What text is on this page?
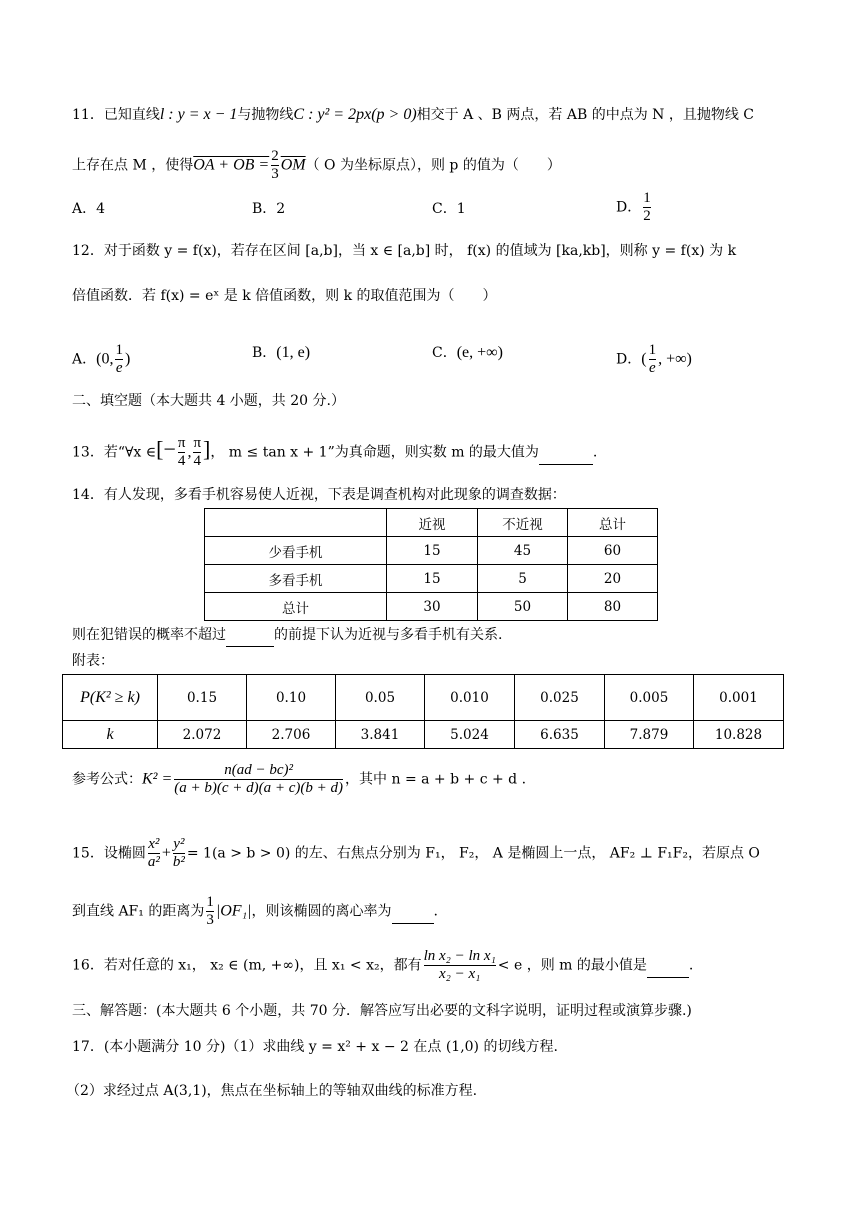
11．已知直线l : y = x − 1与抛物线C : y² = 2px(p > 0)相交于 A 、B 两点，若 AB 的中点为 N ，且抛物线 C
上存在点 M ，使得OA + OB = $\frac{2}{3} \overline{OM}$（ O 为坐标原点），则 p 的值为（　　）
A．4	B．2	C．1	D． $\frac{1}{2}$
12．对于函数 y = f(x)，若存在区间 [a,b]，当 x ∈ [a,b] 时， f(x) 的值域为 [ka,kb]，则称 y = f(x) 为 k
倍值函数．若 f(x) = eˣ 是 k 倍值函数，则 k 的取值范围为（　　）
A．(0, $\frac{1}{e}$ )	B．(1, e)	C．(e, +∞)	D．( $\frac{1}{e}$ , +∞)
二、填空题（本大题共 4 小题，共 20 分.）
13．若“∀x ∈[− $\frac{\pi}{4}$ , $\frac{\pi}{4}$ ]， m ≤ tan x + 1”为真命题，则实数 m 的最大值为	.
14．有人发现，多看手机容易使人近视，下表是调查机构对此现象的调查数据：
	近视	不近视	总计
少看手机	15	45	60
多看手机	15	5	20
总计	30	50	80
则在犯错误的概率不超过	的前提下认为近视与多看手机有关系.
附表：
P(K² ≥ k)	0.15	0.10	0.05	0.010	0.025	0.005	0.001
k	2.072	2.706	3.841	5.024	6.635	7.879	10.828
参考公式：$K^2 = \frac{\text{n(ad − bc)²}}{(a + b)(c + d)(a + c)(b + d)}$ ，其中 n = a + b + c + d .
15．设椭圆 $\frac{\text{x²}}{\text{a²}} + \frac{\text{y²}}{\text{b²}} = 1(a > b > 0)$ 的左、右焦点分别为 F₁， F₂， A 是椭圆上一点， AF₂ ⊥ F₁F₂，若原点 O
到直线 AF₁ 的距离为 $\frac{1}{3} |OF_1|$，则该椭圆的离心率为	.
16．若对任意的 x₁， x₂ ∈ (m, +∞)，且 x₁ < x₂，都有 $\frac{\text{ln x₂ − ln x₁}}{\text{x₂ − x₁}} < e$ ，则 m 的最小值是	.
三、解答题：(本大题共 6 个小题，共 70 分．解答应写出必要的文科字说明，证明过程或演算步骤.)
17．(本小题满分 10 分)（1）求曲线 y = x² + x − 2 在点 (1,0) 的切线方程.
（2）求经过点 A(3,1)，焦点在坐标轴上的等轴双曲线的标准方程.
